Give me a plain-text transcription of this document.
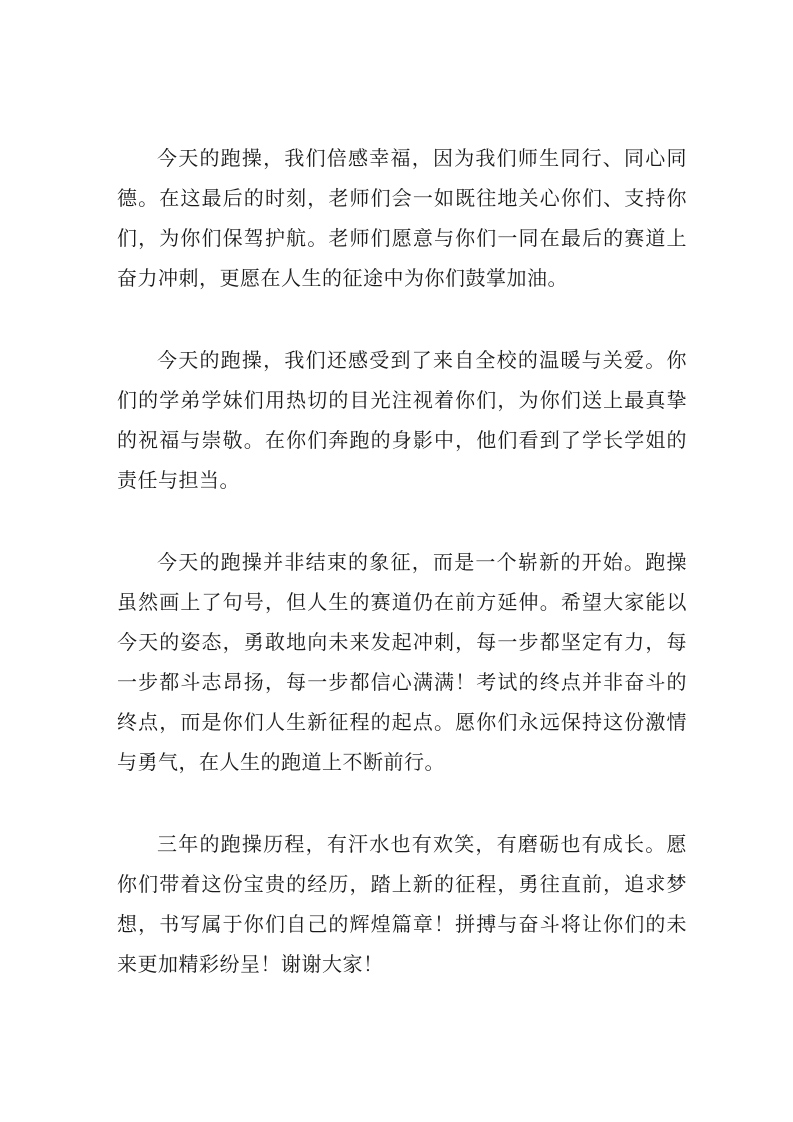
今天的跑操，我们倍感幸福，因为我们师生同行、同心同德。在这最后的时刻，老师们会一如既往地关心你们、支持你们，为你们保驾护航。老师们愿意与你们一同在最后的赛道上奋力冲刺，更愿在人生的征途中为你们鼓掌加油。

今天的跑操，我们还感受到了来自全校的温暖与关爱。你们的学弟学妹们用热切的目光注视着你们，为你们送上最真挚的祝福与崇敬。在你们奔跑的身影中，他们看到了学长学姐的责任与担当。

今天的跑操并非结束的象征，而是一个崭新的开始。跑操虽然画上了句号，但人生的赛道仍在前方延伸。希望大家能以今天的姿态，勇敢地向未来发起冲刺，每一步都坚定有力，每一步都斗志昂扬，每一步都信心满满！考试的终点并非奋斗的终点，而是你们人生新征程的起点。愿你们永远保持这份激情与勇气，在人生的跑道上不断前行。

三年的跑操历程，有汗水也有欢笑，有磨砺也有成长。愿你们带着这份宝贵的经历，踏上新的征程，勇往直前，追求梦想，书写属于你们自己的辉煌篇章！拼搏与奋斗将让你们的未来更加精彩纷呈！谢谢大家！
